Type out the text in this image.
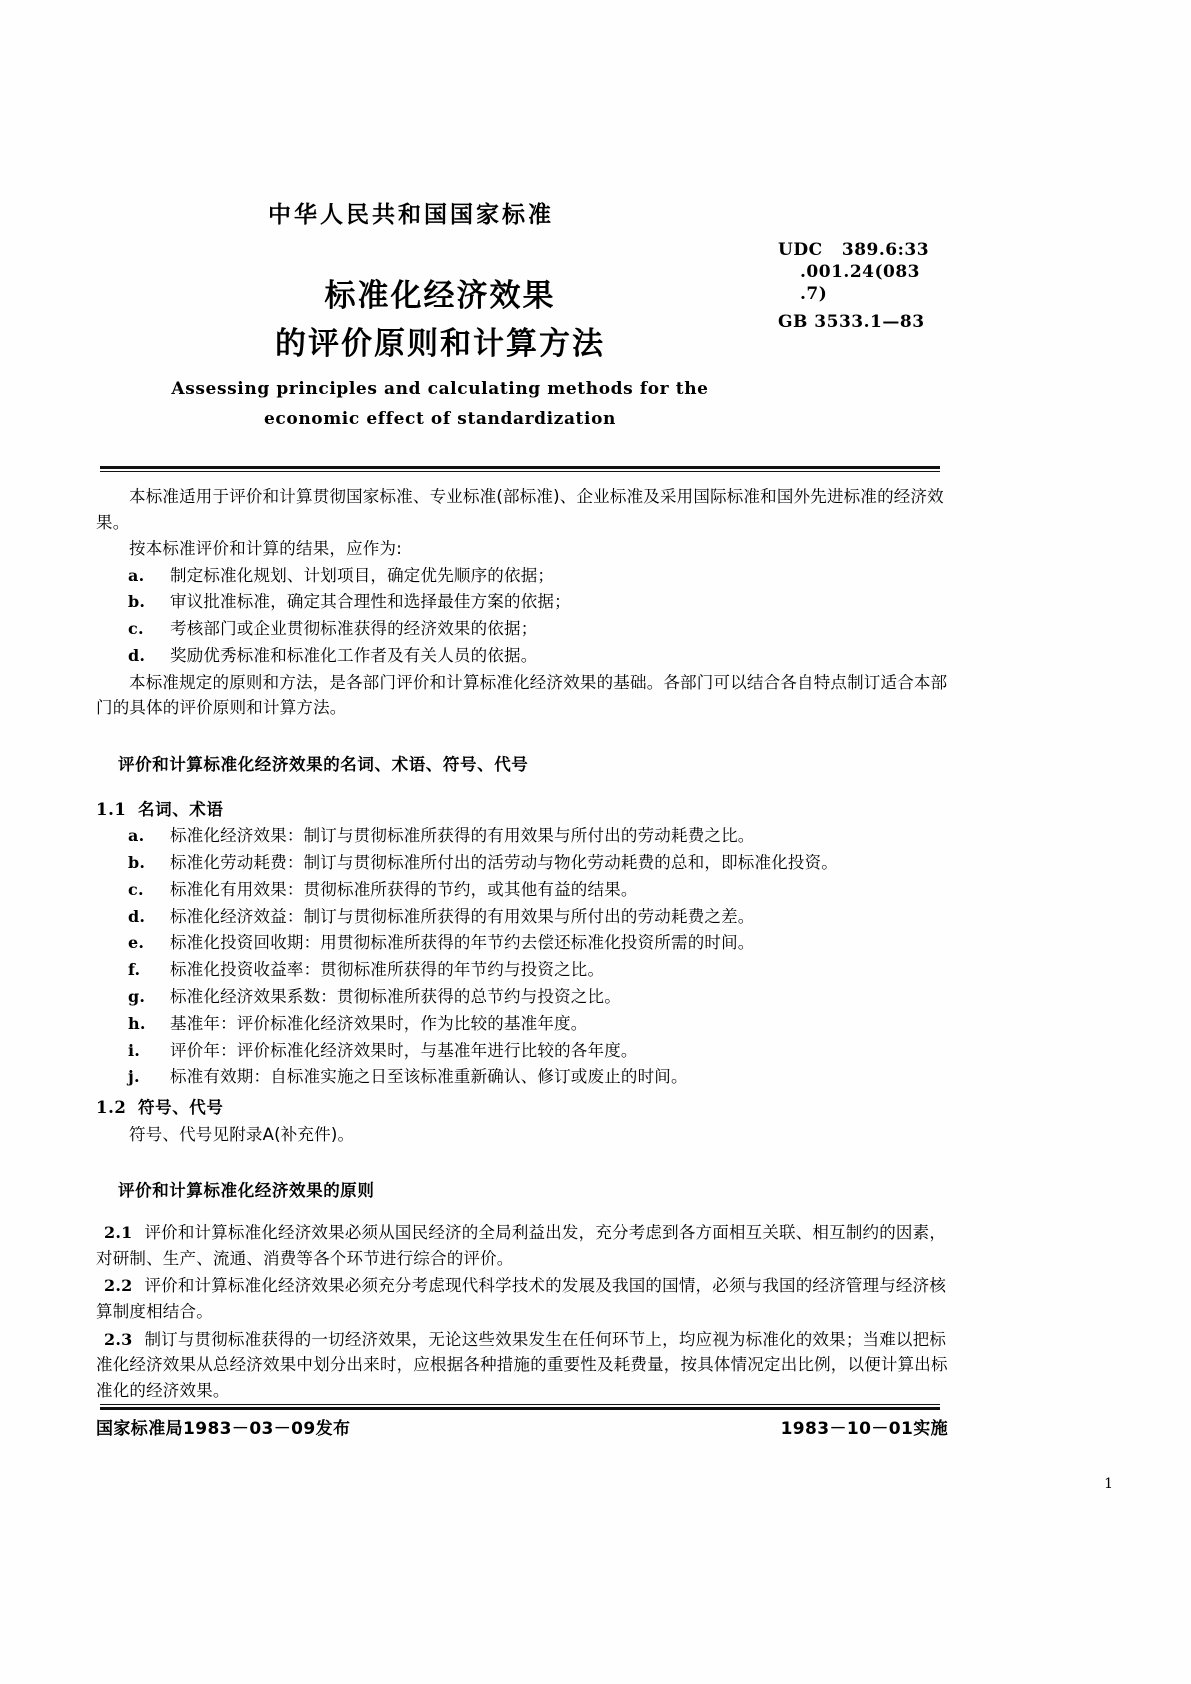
中华人民共和国国家标准
UDC 389.6:33
.001.24(083
.7)
GB 3533.1—83
标准化经济效果
的评价原则和计算方法
Assessing principles and calculating methods for the
economic effect of standardization

本标准适用于评价和计算贯彻国家标准、专业标准(部标准)、企业标准及采用国际标准和国外先进标准的经济效果。

按本标准评价和计算的结果，应作为:

a. 制定标准化规划、计划项目，确定优先顺序的依据；
b. 审议批准标准，确定其合理性和选择最佳方案的依据；
c. 考核部门或企业贯彻标准获得的经济效果的依据；
d. 奖励优秀标准和标准化工作者及有关人员的依据。

本标准规定的原则和方法，是各部门评价和计算标准化经济效果的基础。各部门可以结合各自特点制订适合本部门的具体的评价原则和计算方法。

评价和计算标准化经济效果的名词、术语、符号、代号
1.1 名词、术语
a. 标准化经济效果：制订与贯彻标准所获得的有用效果与所付出的劳动耗费之比。
b. 标准化劳动耗费：制订与贯彻标准所付出的活劳动与物化劳动耗费的总和，即标准化投资。
c. 标准化有用效果：贯彻标准所获得的节约，或其他有益的结果。
d. 标准化经济效益：制订与贯彻标准所获得的有用效果与所付出的劳动耗费之差。
e. 标准化投资回收期：用贯彻标准所获得的年节约去偿还标准化投资所需的时间。
f. 标准化投资收益率：贯彻标准所获得的年节约与投资之比。
g. 标准化经济效果系数：贯彻标准所获得的总节约与投资之比。
h. 基准年：评价标准化经济效果时，作为比较的基准年度。
i. 评价年：评价标准化经济效果时，与基准年进行比较的各年度。
j. 标准有效期：自标准实施之日至该标准重新确认、修订或废止的时间。
1.2 符号、代号

符号、代号见附录A(补充件)。

评价和计算标准化经济效果的原则

2.1 评价和计算标准化经济效果必须从国民经济的全局利益出发，充分考虑到各方面相互关联、相互制约的因素，对研制、生产、流通、消费等各个环节进行综合的评价。

2.2 评价和计算标准化经济效果必须充分考虑现代科学技术的发展及我国的国情，必须与我国的经济管理与经济核算制度相结合。

2.3 制订与贯彻标准获得的一切经济效果，无论这些效果发生在任何环节上，均应视为标准化的效果；当难以把标准化经济效果从总经济效果中划分出来时，应根据各种措施的重要性及耗费量，按具体情况定出比例，以便计算出标准化的经济效果。

国家标准局1983－03－09发布	1983－10－01实施
1
